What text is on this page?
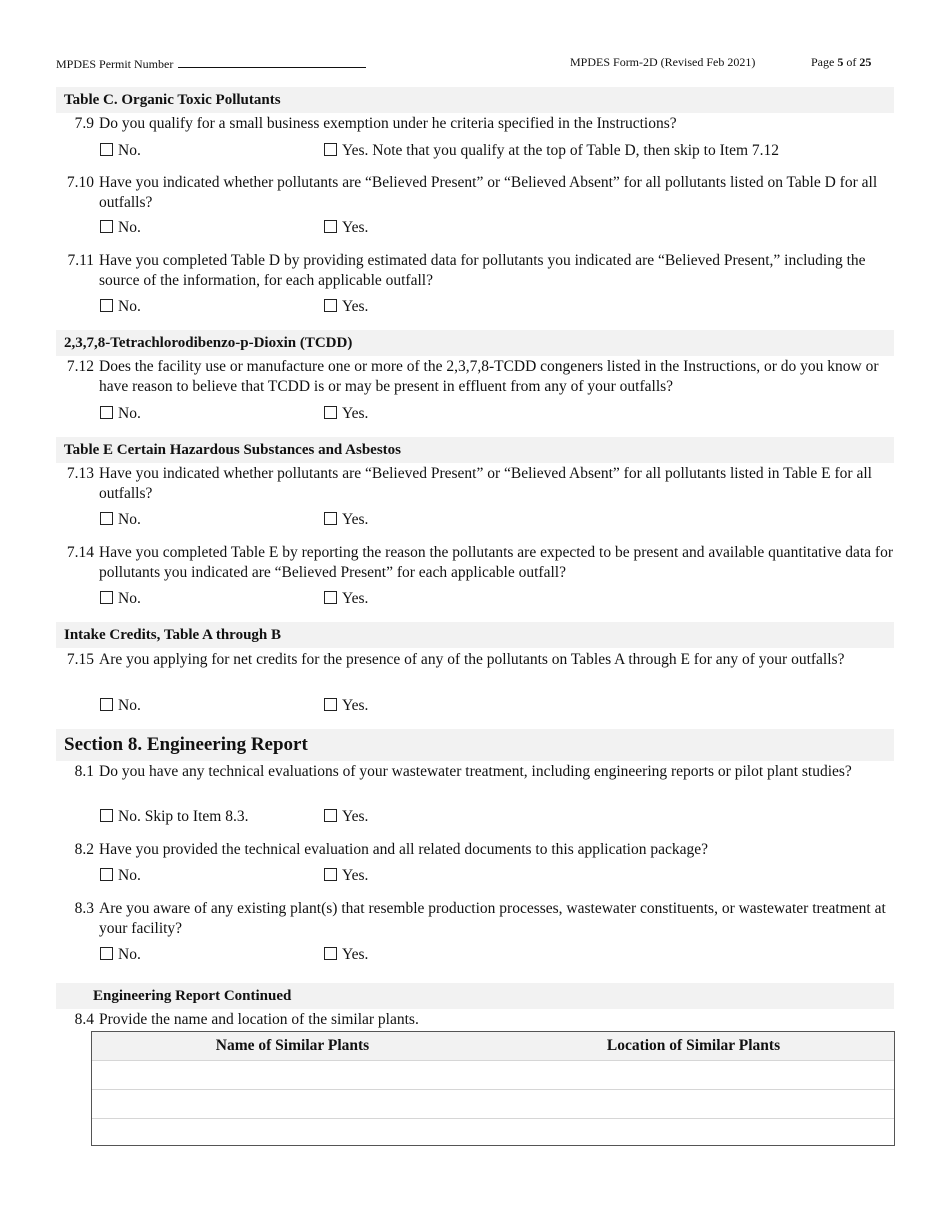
MPDES Permit Number	MPDES Form-2D (Revised Feb 2021)	Page 5 of 25
Table C. Organic Toxic Pollutants
7.9 Do you qualify for a small business exemption under he criteria specified in the Instructions?
No.	Yes. Note that you qualify at the top of Table D, then skip to Item 7.12
7.10 Have you indicated whether pollutants are “Believed Present” or “Believed Absent” for all pollutants listed on Table D for all outfalls?
No.	Yes.
7.11 Have you completed Table D by providing estimated data for pollutants you indicated are “Believed Present,” including the source of the information, for each applicable outfall?
No.	Yes.
2,3,7,8-Tetrachlorodibenzo-p-Dioxin (TCDD)
7.12 Does the facility use or manufacture one or more of the 2,3,7,8-TCDD congeners listed in the Instructions, or do you know or have reason to believe that TCDD is or may be present in effluent from any of your outfalls?
No.	Yes.
Table E Certain Hazardous Substances and Asbestos
7.13 Have you indicated whether pollutants are “Believed Present” or “Believed Absent” for all pollutants listed in Table E for all outfalls?
No.	Yes.
7.14 Have you completed Table E by reporting the reason the pollutants are expected to be present and available quantitative data for pollutants you indicated are “Believed Present” for each applicable outfall?
No.	Yes.
Intake Credits, Table A through B
7.15 Are you applying for net credits for the presence of any of the pollutants on Tables A through E for any of your outfalls?
No.	Yes.
Section 8. Engineering Report
8.1 Do you have any technical evaluations of your wastewater treatment, including engineering reports or pilot plant studies?
No. Skip to Item 8.3.	Yes.
8.2 Have you provided the technical evaluation and all related documents to this application package?
No.	Yes.
8.3 Are you aware of any existing plant(s) that resemble production processes, wastewater constituents, or wastewater treatment at your facility?
No.	Yes.
Engineering Report Continued
8.4 Provide the name and location of the similar plants.
Name of Similar Plants	Location of Similar Plants
